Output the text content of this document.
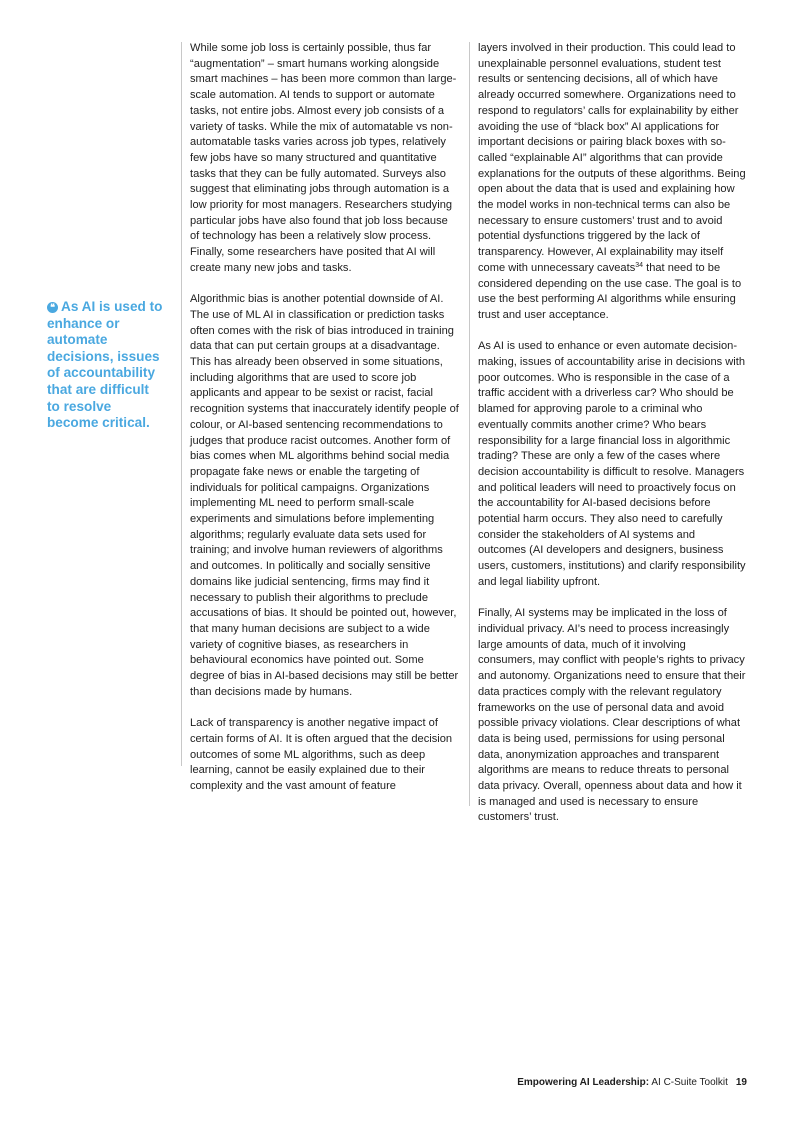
❝ As AI is used to enhance or automate decisions, issues of accountability that are difficult to resolve become critical.

While some job loss is certainly possible, thus far “augmentation” – smart humans working alongside smart machines – has been more common than large-scale automation. AI tends to support or automate tasks, not entire jobs. Almost every job consists of a variety of tasks. While the mix of automatable vs non-automatable tasks varies across job types, relatively few jobs have so many structured and quantitative tasks that they can be fully automated. Surveys also suggest that eliminating jobs through automation is a low priority for most managers. Researchers studying particular jobs have also found that job loss because of technology has been a relatively slow process. Finally, some researchers have posited that AI will create many new jobs and tasks.

Algorithmic bias is another potential downside of AI. The use of ML AI in classification or prediction tasks often comes with the risk of bias introduced in training data that can put certain groups at a disadvantage. This has already been observed in some situations, including algorithms that are used to score job applicants and appear to be sexist or racist, facial recognition systems that inaccurately identify people of colour, or AI-based sentencing recommendations to judges that produce racist outcomes. Another form of bias comes when ML algorithms behind social media propagate fake news or enable the targeting of individuals for political campaigns. Organizations implementing ML need to perform small-scale experiments and simulations before implementing algorithms; regularly evaluate data sets used for training; and involve human reviewers of algorithms and outcomes. In politically and socially sensitive domains like judicial sentencing, firms may find it necessary to publish their algorithms to preclude accusations of bias. It should be pointed out, however, that many human decisions are subject to a wide variety of cognitive biases, as researchers in behavioural economics have pointed out. Some degree of bias in AI-based decisions may still be better than decisions made by humans.

Lack of transparency is another negative impact of certain forms of AI. It is often argued that the decision outcomes of some ML algorithms, such as deep learning, cannot be easily explained due to their complexity and the vast amount of feature

layers involved in their production. This could lead to unexplainable personnel evaluations, student test results or sentencing decisions, all of which have already occurred somewhere. Organizations need to respond to regulators’ calls for explainability by either avoiding the use of “black box” AI applications for important decisions or pairing black boxes with so-called “explainable AI” algorithms that can provide explanations for the outputs of these algorithms. Being open about the data that is used and explaining how the model works in non-technical terms can also be necessary to ensure customers’ trust and to avoid potential dysfunctions triggered by the lack of transparency. However, AI explainability may itself come with unnecessary caveats$^{34}$ that need to be considered depending on the use case. The goal is to use the best performing AI algorithms while ensuring trust and user acceptance.

As AI is used to enhance or even automate decision-making, issues of accountability arise in decisions with poor outcomes. Who is responsible in the case of a traffic accident with a driverless car? Who should be blamed for approving parole to a criminal who eventually commits another crime? Who bears responsibility for a large financial loss in algorithmic trading? These are only a few of the cases where decision accountability is difficult to resolve. Managers and political leaders will need to proactively focus on the accountability for AI-based decisions before potential harm occurs. They also need to carefully consider the stakeholders of AI systems and outcomes (AI developers and designers, business users, customers, institutions) and clarify responsibility and legal liability upfront.

Finally, AI systems may be implicated in the loss of individual privacy. AI’s need to process increasingly large amounts of data, much of it involving consumers, may conflict with people’s rights to privacy and autonomy. Organizations need to ensure that their data practices comply with the relevant regulatory frameworks on the use of personal data and avoid possible privacy violations. Clear descriptions of what data is being used, permissions for using personal data, anonymization approaches and transparent algorithms are means to reduce threats to personal data privacy. Overall, openness about data and how it is managed and used is necessary to ensure customers’ trust.

Empowering AI Leadership: AI C-Suite Toolkit 19
